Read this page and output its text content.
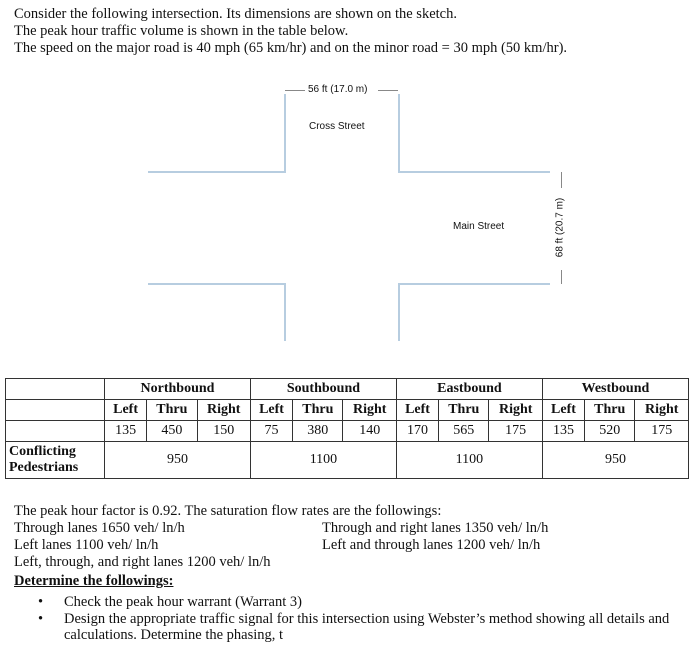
Consider the following intersection. Its dimensions are shown on the sketch.
The peak hour traffic volume is shown in the table below.
The speed on the major road is 40 mph (65 km/hr) and on the minor road = 30 mph (50 km/hr).
56 ft (17.0 m)
Cross Street
Main Street	68 ft (20.7 m)
	Northbound			Southbound			Eastbound			Westbound		
	Left	Thru	Right	Left	Thru	Right	Left	Thru	Right	Left	Thru	Right
	135	450	150	75	380	140	170	565	175	135	520	175
Conflicting
Pedestrians	950			1100			1100			950		
The peak hour factor is 0.92. The saturation flow rates are the followings:
Through lanes 1650 veh/ ln/h
Left lanes 1100 veh/ ln/h
Left, through, and right lanes 1200 veh/ ln/h
Through and right lanes 1350 veh/ ln/h
Left and through lanes 1200 veh/ ln/h
Determine the followings:
• Check the peak hour warrant (Warrant 3)
• Design the appropriate traffic signal for this intersection using Webster’s method showing all details and calculations. Determine the phasing, t
